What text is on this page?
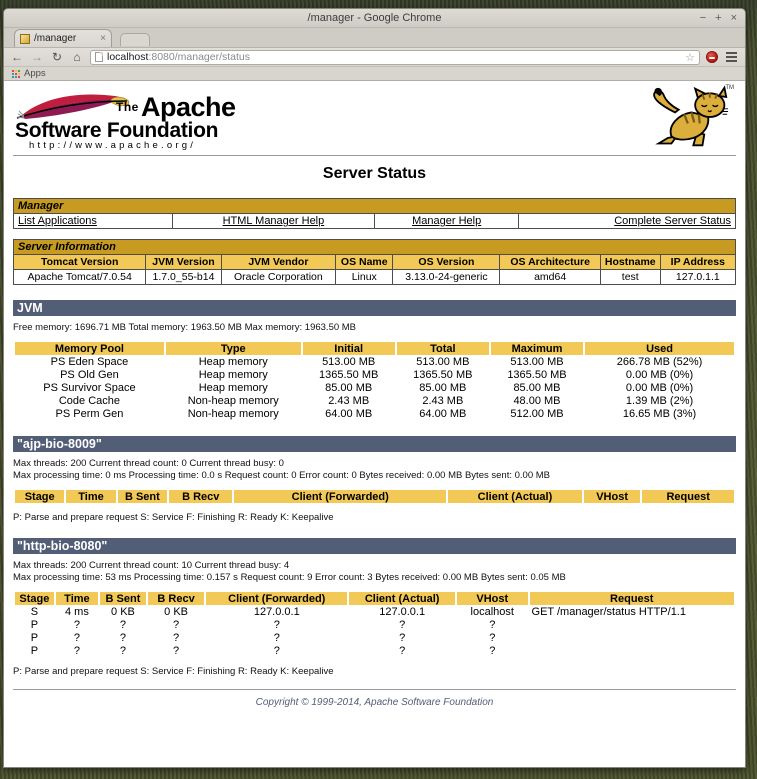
/manager - Google Chrome	− + ×
/manager	×
← → ↻ ⌂	localhost:8080/manager/status	☆
Apps
The Apache
Software Foundation
http://www.apache.org/
TM
Server Status
Manager
List Applications	HTML Manager Help	Manager Help	Complete Server Status
Server Information							
Tomcat Version	JVM Version	JVM Vendor	OS Name	OS Version	OS Architecture	Hostname	IP Address
Apache Tomcat/7.0.54	1.7.0_55-b14	Oracle Corporation	Linux	3.13.0-24-generic	amd64	test	127.0.1.1
JVM
Free memory: 1696.71 MB Total memory: 1963.50 MB Max memory: 1963.50 MB
Memory Pool	Type	Initial	Total	Maximum	Used
PS Eden Space	Heap memory	513.00 MB	513.00 MB	513.00 MB	266.78 MB (52%)
PS Old Gen	Heap memory	1365.50 MB	1365.50 MB	1365.50 MB	0.00 MB (0%)
PS Survivor Space	Heap memory	85.00 MB	85.00 MB	85.00 MB	0.00 MB (0%)
Code Cache	Non-heap memory	2.43 MB	2.43 MB	48.00 MB	1.39 MB (2%)
PS Perm Gen	Non-heap memory	64.00 MB	64.00 MB	512.00 MB	16.65 MB (3%)
"ajp-bio-8009"
Max threads: 200 Current thread count: 0 Current thread busy: 0
Max processing time: 0 ms Processing time: 0.0 s Request count: 0 Error count: 0 Bytes received: 0.00 MB Bytes sent: 0.00 MB
Stage	Time	B Sent	B Recv	Client (Forwarded)	Client (Actual)	VHost	Request
P: Parse and prepare request S: Service F: Finishing R: Ready K: Keepalive
"http-bio-8080"
Max threads: 200 Current thread count: 10 Current thread busy: 4
Max processing time: 53 ms Processing time: 0.157 s Request count: 9 Error count: 3 Bytes received: 0.00 MB Bytes sent: 0.05 MB
Stage	Time	B Sent	B Recv	Client (Forwarded)	Client (Actual)	VHost	Request
S	4 ms	0 KB	0 KB	127.0.0.1	127.0.0.1	localhost	GET /manager/status HTTP/1.1
P	?	?	?	?	?	?	
P	?	?	?	?	?	?	
P	?	?	?	?	?	?	
P: Parse and prepare request S: Service F: Finishing R: Ready K: Keepalive
Copyright © 1999-2014, Apache Software Foundation
